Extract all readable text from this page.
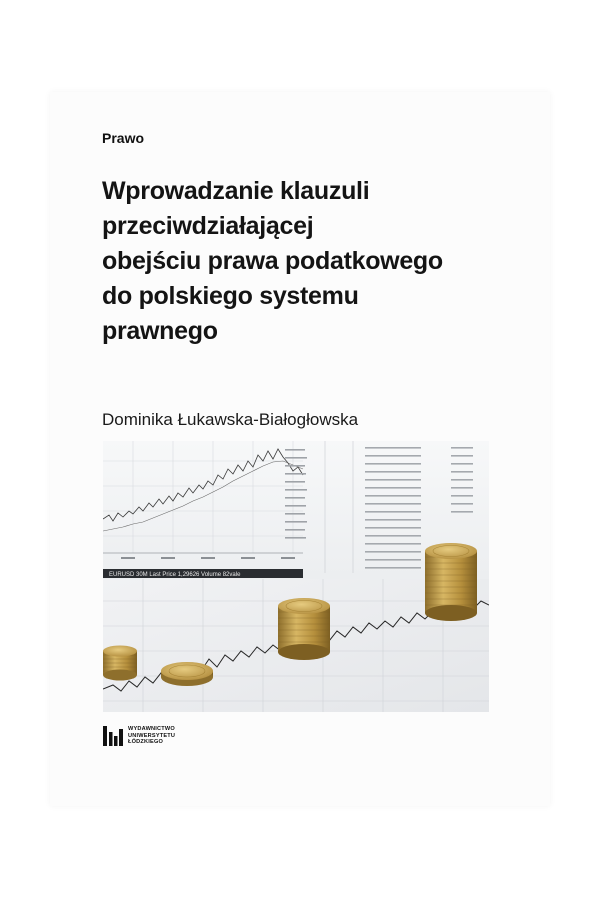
Prawo
Wprowadzanie klauzuli
przeciwdziałającej
obejściu prawa podatkowego
do polskiego systemu
prawnego
Dominika Łukawska-Białogłowska
EURUSD 30M Last Price 1,29626 Volume 82vale
WYDAWNICTWO
UNIWERSYTETU
ŁÓDZKIEGO
